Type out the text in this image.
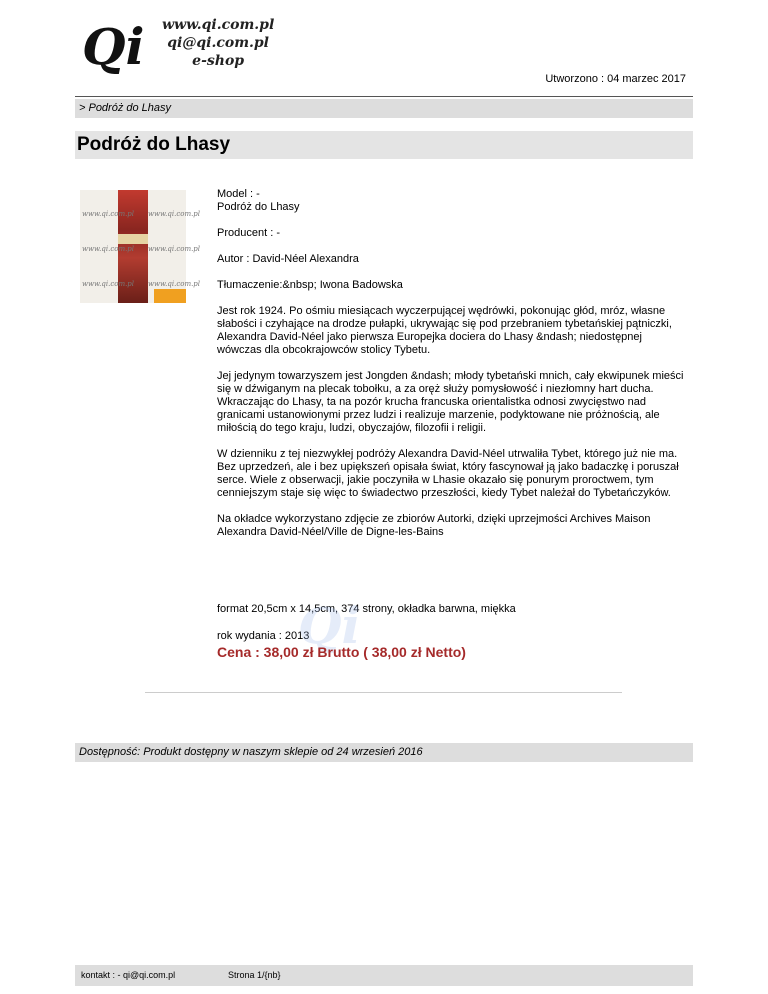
Qi www.qi.com.pl
qi@qi.com.pl
e-shop
Utworzono : 04 marzec 2017
> Podróż do Lhasy
Podróż do Lhasy
www.qi.com.pl www.qi.com.pl
www.qi.com.pl www.qi.com.pl
www.qi.com.pl www.qi.com.pl

Model : -

Podróż do Lhasy

Producent : -

Autor : David-Néel Alexandra

Tłumaczenie:&nbsp; Iwona Badowska

Jest rok 1924. Po ośmiu miesiącach wyczerpującej wędrówki, pokonując głód, mróz, własne słabości i czyhające na drodze pułapki, ukrywając się pod przebraniem tybetańskiej pątniczki, Alexandra David-Néel jako pierwsza Europejka dociera do Lhasy &ndash; niedostępnej wówczas dla obcokrajowców stolicy Tybetu.

Jej jedynym towarzyszem jest Jongden &ndash; młody tybetański mnich, cały ekwipunek mieści się w dźwiganym na plecak tobołku, a za oręż służy pomysłowość i niezłomny hart ducha. Wkraczając do Lhasy, ta na pozór krucha francuska orientalistka odnosi zwycięstwo nad granicami ustanowionymi przez ludzi i realizuje marzenie, podyktowane nie próżnością, ale miłością do tego kraju, ludzi, obyczajów, filozofii i religii.

W dzienniku z tej niezwykłej podróży Alexandra David-Néel utrwaliła Tybet, którego już nie ma. Bez uprzedzeń, ale i bez upiększeń opisała świat, który fascynował ją jako badaczkę i poruszał serce. Wiele z obserwacji, jakie poczyniła w Lhasie okazało się ponurym proroctwem, tym cenniejszym staje się więc to świadectwo przeszłości, kiedy Tybet należał do Tybetańczyków.

Na okładce wykorzystano zdjęcie ze zbiorów Autorki, dzięki uprzejmości Archives Maison Alexandra David-Néel/Ville de Digne-les-Bains

format 20,5cm x 14,5cm, 374 strony, okładka barwna, miękka
rok wydania : 2013
Qi
Cena : 38,00 zł Brutto ( 38,00 zł Netto)
Dostępność: Produkt dostępny w naszym sklepie od 24 wrzesień 2016
kontakt : - qi@qi.com.pl	Strona 1/{nb}
